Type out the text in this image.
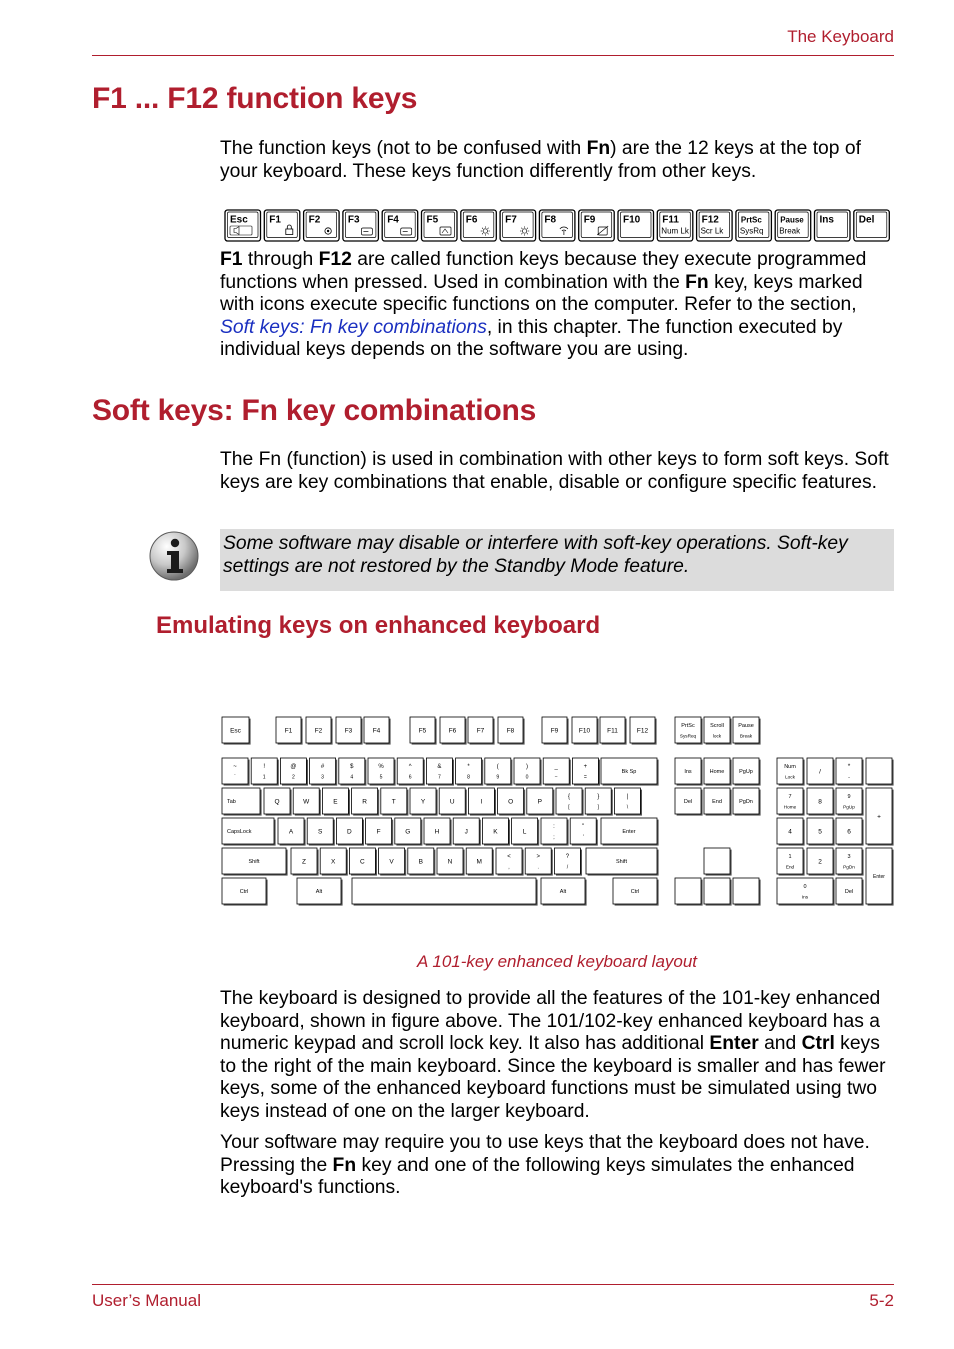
The Keyboard
F1 ... F12 function keys

The function keys (not to be confused with Fn) are the 12 keys at the top of your keyboard. These keys function differently from other keys.

Esc F1	F2	F3	F4	F5	F6	F7	F8	F9	F10 F11
Num Lk
F12
Scr Lk
PrtSc
SysRq
Pause
Break
Ins Del

F1 through F12 are called function keys because they execute programmed functions when pressed. Used in combination with the Fn key, keys marked with icons execute specific functions on the computer. Refer to the section, Soft keys: Fn key combinations, in this chapter. The function executed by individual keys depends on the software you are using.

Soft keys: Fn key combinations

The Fn (function) is used in combination with other keys to form soft keys. Soft keys are key combinations that enable, disable or configure specific features.

Some software may disable or interfere with soft-key operations. Soft-key settings are not restored by the Standby Mode feature.

Emulating keys on enhanced keyboard
Esc	F1	F2	F3	F4	F5	F6	F7	F8	F9	F10	F11	F12
PrtSc
SysReq
Scroll
lock
Pause
Break
~
`
!
1
@
2
#
3
$
4
%
5
^
6
&
7
*
8
(
9
)
0
_
−
+
=
Bk Sp	Ins	Home	PgUp
Del	End	PgDn
Num
Lock
/
*
-
Tab	Q	W	E	R	T	Y	U	I	O	P
{
[
}
]
|
\
7
Home
8
9
PgUp
+
CapsLock	A	S	D	F	G	H	J	K	L
:
;
"
'
Enter	4	5	6
Shift	Z	X	C	V	B	N	M
<
,
>
.
?
/
Shift
1
End
2
3
PgDn
Enter
Ctrl	Alt	Alt	Ctrl
0
Ins
Del
A 101-key enhanced keyboard layout

The keyboard is designed to provide all the features of the 101-key enhanced keyboard, shown in figure above. The 101/102-key enhanced keyboard has a numeric keypad and scroll lock key. It also has additional Enter and Ctrl keys to the right of the main keyboard. Since the keyboard is smaller and has fewer keys, some of the enhanced keyboard functions must be simulated using two keys instead of one on the larger keyboard.

Your software may require you to use keys that the keyboard does not have. Pressing the Fn key and one of the following keys simulates the enhanced keyboard's functions.

User’s Manual	5-2
